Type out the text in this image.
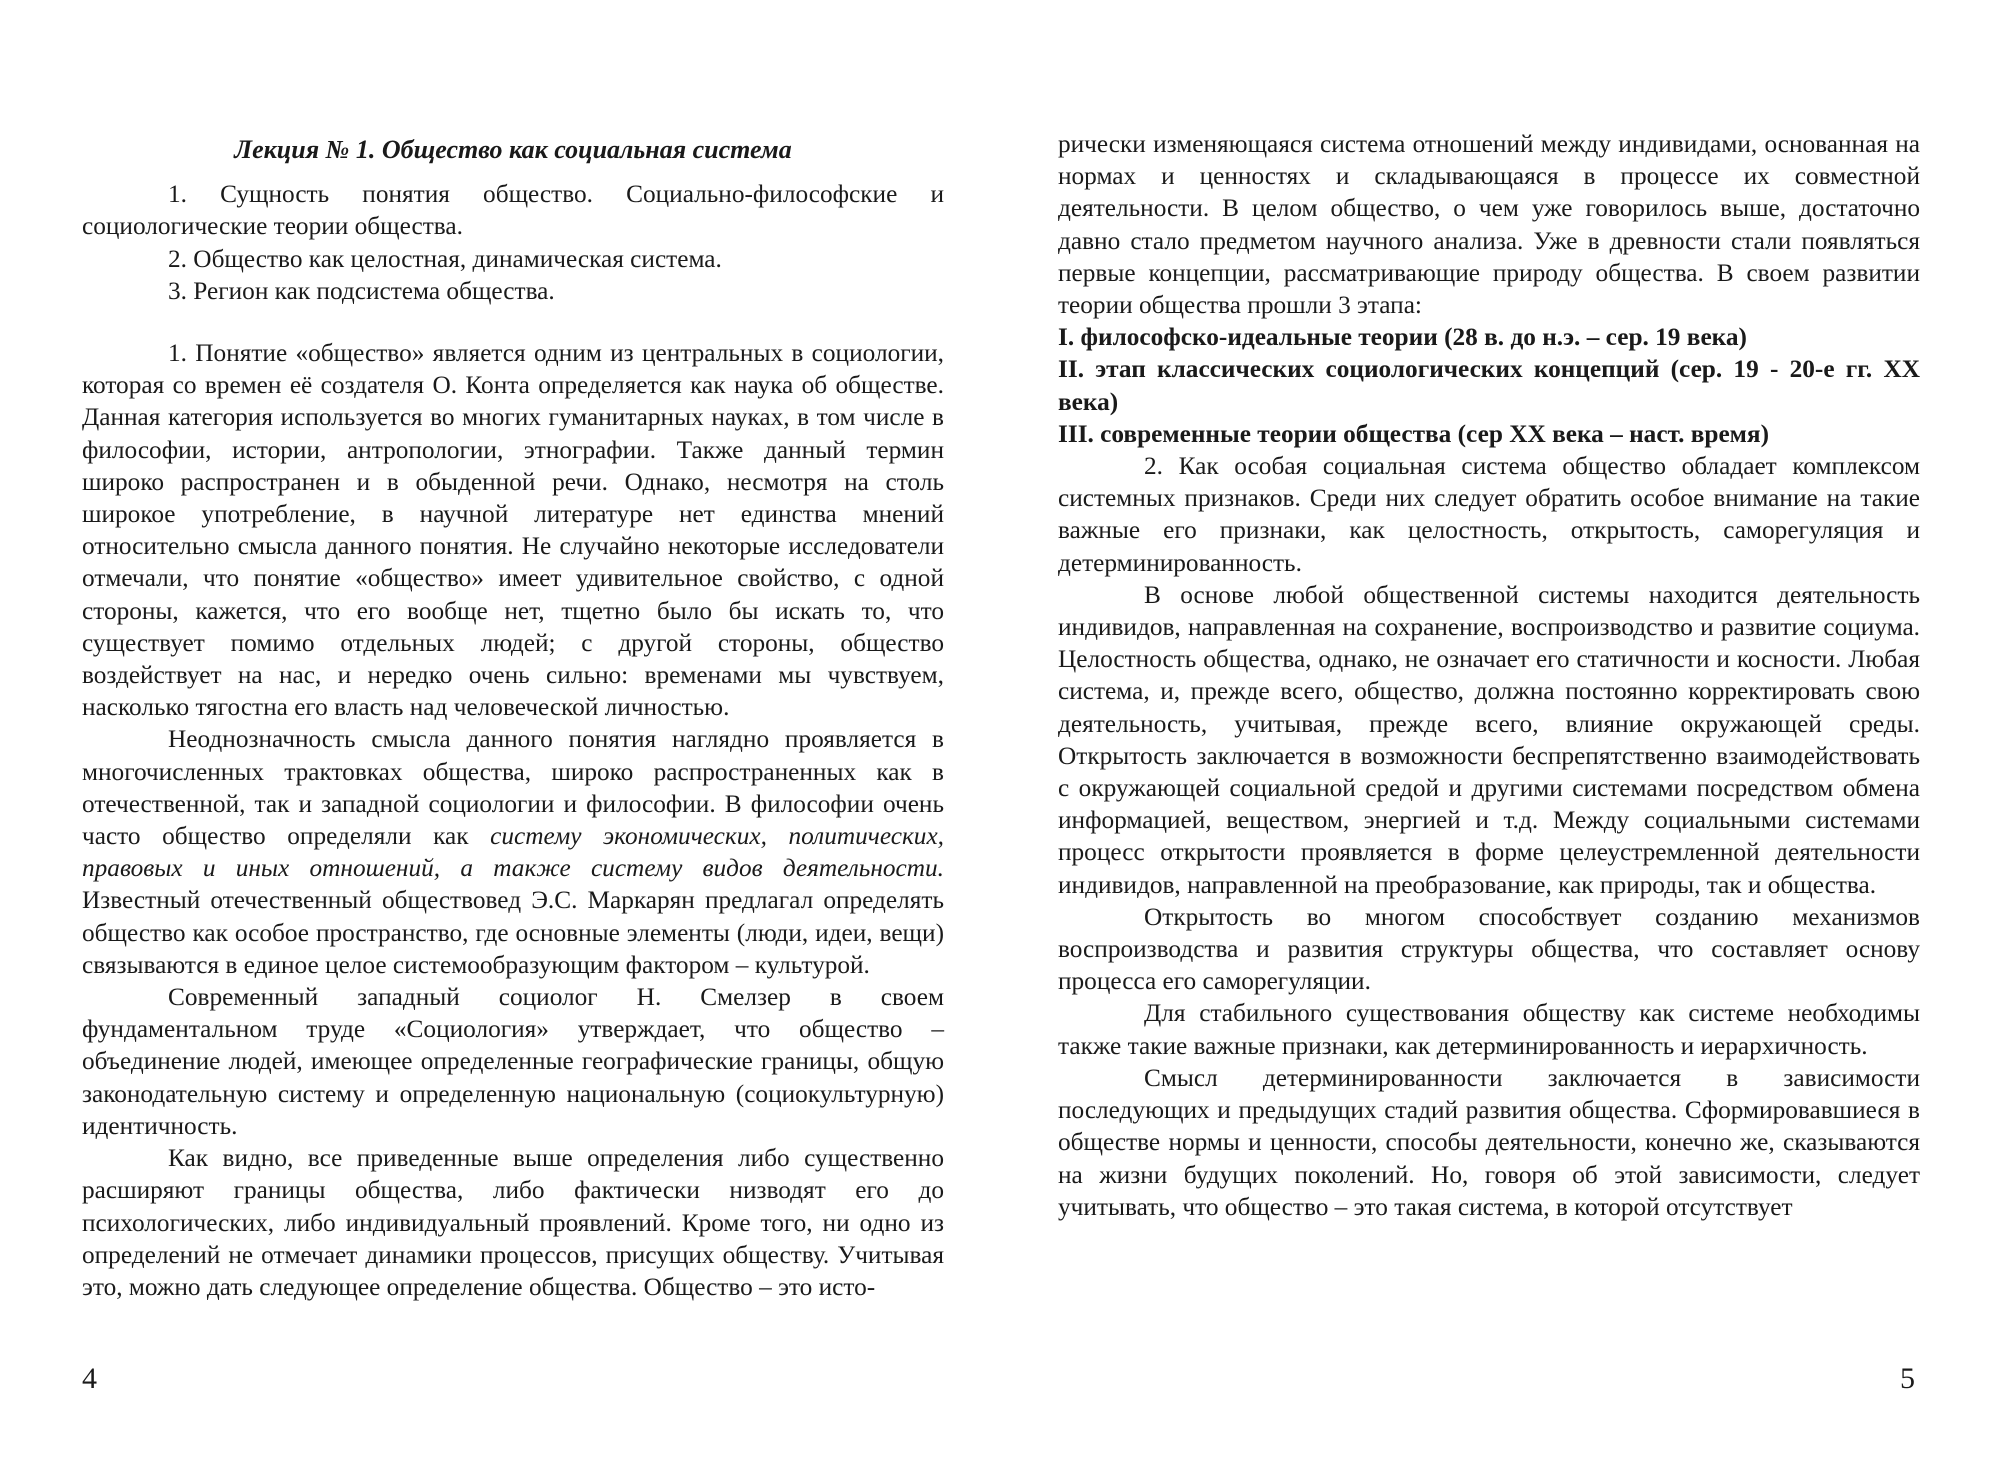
Лекция № 1. Общество как социальная система

1. Сущность понятия общество. Социально-философские и социологические теории общества.

2. Общество как целостная, динамическая система.

3. Регион как подсистема общества.

1. Понятие «общество» является одним из центральных в социологии, которая со времен её создателя О. Конта определяется как наука об обществе. Данная категория используется во многих гуманитарных науках, в том числе в философии, истории, антропологии, этнографии. Также данный термин широко распространен и в обыденной речи. Однако, несмотря на столь широкое употребление, в научной литературе нет единства мнений относительно смысла данного понятия. Не случайно некоторые исследователи отмечали, что понятие «общество» имеет удивительное свойство, с одной стороны, кажется, что его вообще нет, тщетно было бы искать то, что существует помимо отдельных людей; с другой стороны, общество воздействует на нас, и нередко очень сильно: временами мы чувствуем, насколько тягостна его власть над человеческой личностью.

Неоднозначность смысла данного понятия наглядно проявляется в многочисленных трактовках общества, широко распространенных как в отечественной, так и западной социологии и философии. В философии очень часто общество определяли как систему экономических, политических, правовых и иных отношений, а также систему видов деятельности. Известный отечественный обществовед Э.С. Маркарян предлагал определять общество как особое пространство, где основные элементы (люди, идеи, вещи) связываются в единое целое системообразующим фактором – культурой.

Современный западный социолог Н. Смелзер в своем фундаментальном труде «Социология» утверждает, что общество – объединение людей, имеющее определенные географические границы, общую законодательную систему и определенную национальную (социокультурную) идентичность.

Как видно, все приведенные выше определения либо существенно расширяют границы общества, либо фактически низводят его до психологических, либо индивидуальный проявлений. Кроме того, ни одно из определений не отмечает динамики процессов, присущих обществу. Учитывая это, можно дать следующее определение общества. Общество – это исто-

4

рически изменяющаяся система отношений между индивидами, основанная на нормах и ценностях и складывающаяся в процессе их совместной деятельности. В целом общество, о чем уже говорилось выше, достаточно давно стало предметом научного анализа. Уже в древности стали появляться первые концепции, рассматривающие природу общества. В своем развитии теории общества прошли 3 этапа:

I. философско-идеальные теории (28 в. до н.э. – сер. 19 века)

II. этап классических социологических концепций (сер. 19 - 20-е гг. XX века)

III. современные теории общества (сер XX века – наст. время)

2. Как особая социальная система общество обладает комплексом системных признаков. Среди них следует обратить особое внимание на такие важные его признаки, как целостность, открытость, саморегуляция и детерминированность.

В основе любой общественной системы находится деятельность индивидов, направленная на сохранение, воспроизводство и развитие социума. Целостность общества, однако, не означает его статичности и косности. Любая система, и, прежде всего, общество, должна постоянно корректировать свою деятельность, учитывая, прежде всего, влияние окружающей среды. Открытость заключается в возможности беспрепятственно взаимодействовать с окружающей социальной средой и другими системами посредством обмена информацией, веществом, энергией и т.д. Между социальными системами процесс открытости проявляется в форме целеустремленной деятельности индивидов, направленной на преобразование, как природы, так и общества.

Открытость во многом способствует созданию механизмов воспроизводства и развития структуры общества, что составляет основу процесса его саморегуляции.

Для стабильного существования обществу как системе необходимы также такие важные признаки, как детерминированность и иерархичность.

Смысл детерминированности заключается в зависимости последующих и предыдущих стадий развития общества. Сформировавшиеся в обществе нормы и ценности, способы деятельности, конечно же, сказываются на жизни будущих поколений. Но, говоря об этой зависимости, следует учитывать, что общество – это такая система, в которой отсутствует

5
